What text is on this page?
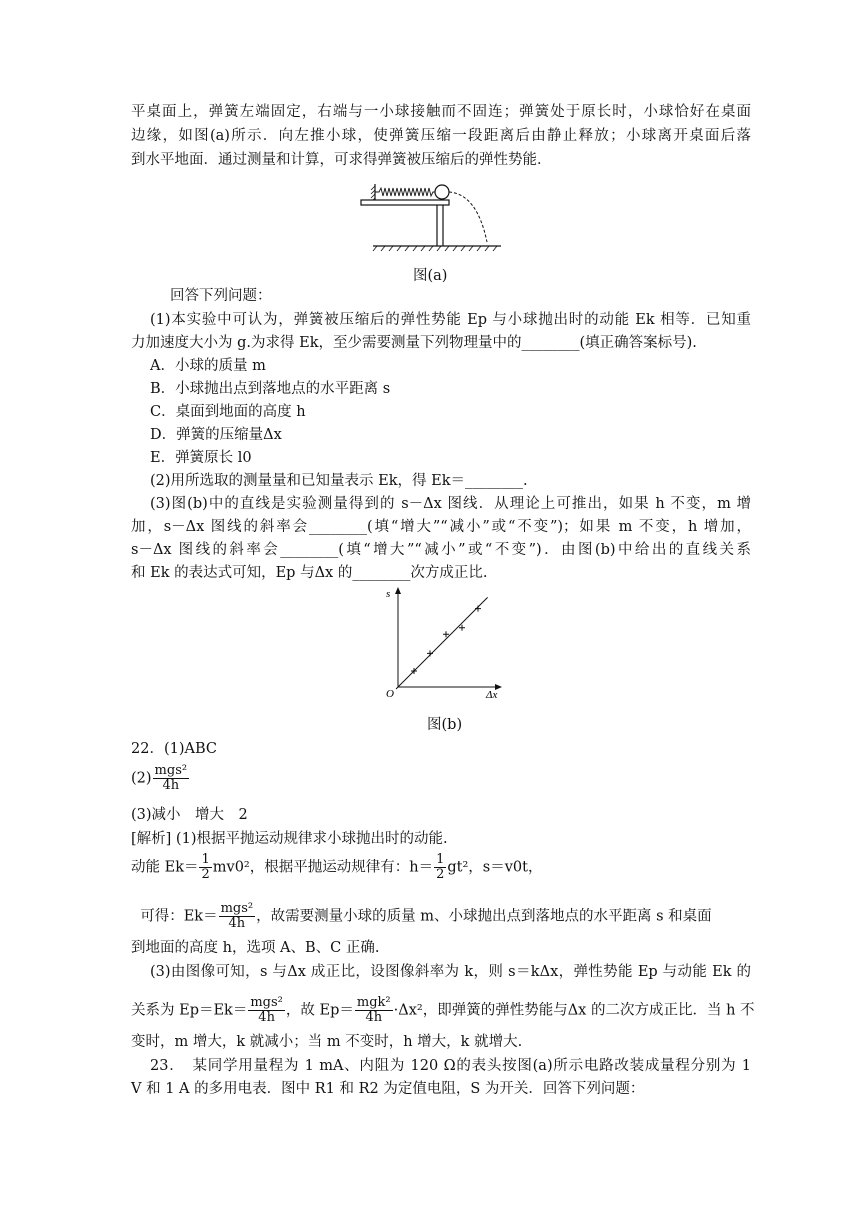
平桌面上，弹簧左端固定，右端与一小球接触而不固连；弹簧处于原长时，小球恰好在桌面
边缘，如图(a)所示．向左推小球，使弹簧压缩一段距离后由静止释放；小球离开桌面后落
到水平地面．通过测量和计算，可求得弹簧被压缩后的弹性势能．
图(a)
回答下列问题：
(1)本实验中可认为，弹簧被压缩后的弹性势能 Ep 与小球抛出时的动能 Ek 相等．已知重
力加速度大小为 g.为求得 Ek，至少需要测量下列物理量中的________(填正确答案标号).
A．小球的质量 m
B．小球抛出点到落地点的水平距离 s
C．桌面到地面的高度 h
D．弹簧的压缩量Δx
E．弹簧原长 l0
(2)用所选取的测量量和已知量表示 Ek，得 Ek＝________.
(3)图(b)中的直线是实验测量得到的 s－Δx 图线．从理论上可推出，如果 h 不变，m 增
加，s－Δx 图线的斜率会________(填“增大”“减小”或“不变”)；如果 m 不变，h 增加，
s－Δx 图线的斜率会________(填“增大”“减小”或“不变”)．由图(b)中给出的直线关系
和 Ek 的表达式可知，Ep 与Δx 的________次方成正比.
s
Δx
O
图(b)
22．(1)ABC
$(2) \frac{\text{mgs²}}{4h}$
(3)减小　增大　2
[解析] (1)根据平抛运动规律求小球抛出时的动能.
动能 $Ek= \frac{1}{2} mv0^2$，根据平抛运动规律有：$h= \frac{1}{2} gt^2$，s＝v0t，
可得：$Ek= \frac{\text{mgs²}}{4h}$ ，故需要测量小球的质量 m、小球抛出点到落地点的水平距离 s 和桌面
到地面的高度 h，选项 A、B、C 正确.
(3)由图像可知，s 与Δx 成正比，设图像斜率为 k，则 s＝kΔx，弹性势能 Ep 与动能 Ek 的
关系为 $Ep=Ek= \frac{\text{mgs²}}{4h}$ ，故 $Ep= \frac{\text{mgk²}}{4h} \cdot\Delta x^2$，即弹簧的弹性势能与Δx 的二次方成正比．当 h 不
变时，m 增大，k 就减小；当 m 不变时，h 增大，k 就增大.
23．　某同学用量程为 1 mA、内阻为 120 Ω的表头按图(a)所示电路改装成量程分别为 1
V 和 1 A 的多用电表．图中 R1 和 R2 为定值电阻，S 为开关．回答下列问题：
